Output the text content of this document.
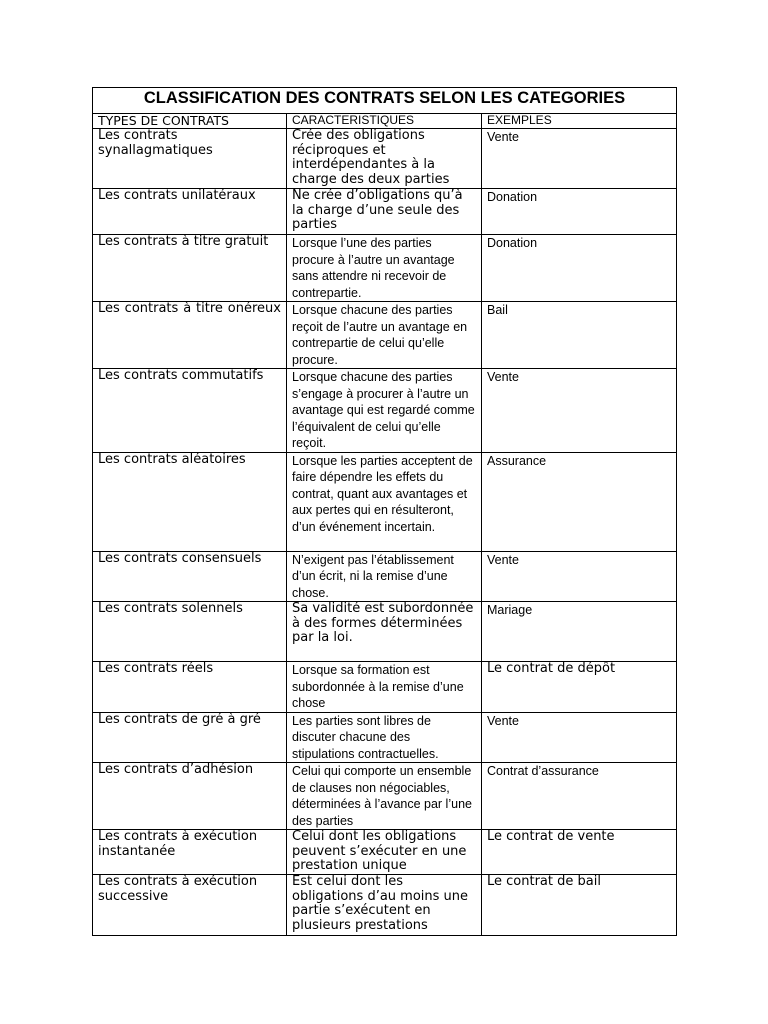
CLASSIFICATION DES CONTRATS SELON LES CATEGORIES		
TYPES DE CONTRATS	CARACTERISTIQUES	EXEMPLES
Les contrats synallagmatiques	Crée des obligations réciproques et interdépendantes à la charge des deux parties	Vente
Les contrats unilatéraux	Ne crée d’obligations qu’à la charge d’une seule des parties	Donation
Les contrats à titre gratuit	Lorsque l’une des parties procure à l’autre un avantage sans attendre ni recevoir de contrepartie.	Donation
Les contrats à titre onéreux	Lorsque chacune des parties reçoit de l’autre un avantage en contrepartie de celui qu’elle procure.	Bail
Les contrats commutatifs	Lorsque chacune des parties s’engage à procurer à l’autre un avantage qui est regardé comme l’équivalent de celui qu’elle reçoit.	Vente
Les contrats aléatoires	Lorsque les parties acceptent de faire dépendre les effets du contrat, quant aux avantages et aux pertes qui en résulteront, d’un événement incertain.	Assurance
Les contrats consensuels	N’exigent pas l’établissement d’un écrit, ni la remise d’une chose.	Vente
Les contrats solennels	Sa validité est subordonnée à des formes déterminées par la loi.	Mariage
Les contrats réels	Lorsque sa formation est subordonnée à la remise d’une chose	Le contrat de dépôt
Les contrats de gré à gré	Les parties sont libres de discuter chacune des stipulations contractuelles.	Vente
Les contrats d’adhésion	Celui qui comporte un ensemble de clauses non négociables, déterminées à l’avance par l’une des parties	Contrat d’assurance
Les contrats à exécution instantanée	Celui dont les obligations peuvent s’exécuter en une prestation unique	Le contrat de vente
Les contrats à exécution successive	Est celui dont les obligations d’au moins une partie s’exécutent en plusieurs prestations	Le contrat de bail
